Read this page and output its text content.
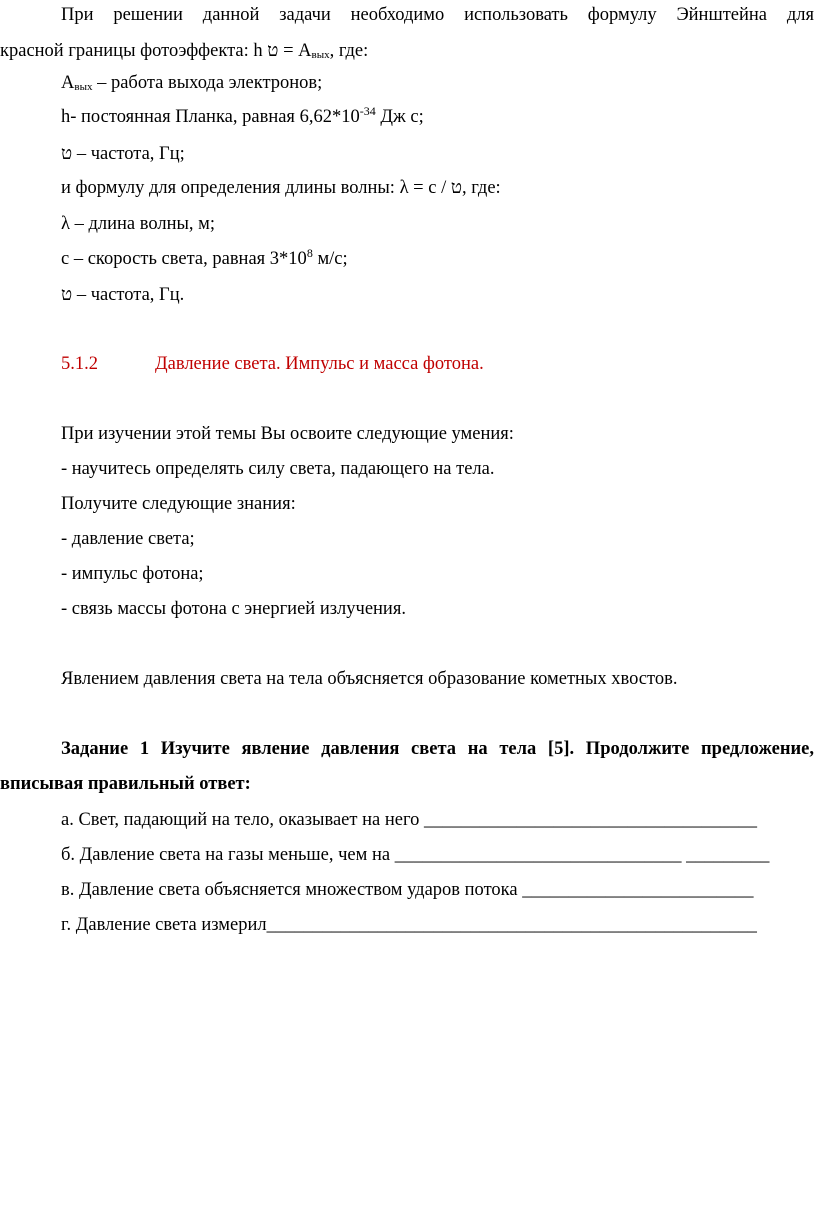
При решении данной задачи необходимо использовать формулу Эйнштейна для
красной границы фотоэффекта: h ט = $A_{вых}$, где:
$A_{вых}$ – работа выхода электронов;
h- постоянная Планка, равная $6,62*10^{-34}$ Дж с;
ט – частота, Гц;
и формулу для определения длины волны: λ = с / ט, где:
λ – длина волны, м;
с – скорость света, равная $3*10^8$ м/с;
ט – частота, Гц.
5.1.2	Давление света. Импульс и масса фотона.
При изучении этой темы Вы освоите следующие умения:
- научитесь определять силу света, падающего на тела.
Получите следующие знания:
- давление света;
- импульс фотона;
- связь массы фотона с энергией излучения.
Явлением давления света на тела объясняется образование кометных хвостов.
Задание 1 Изучите явление давления света на тела [5]. Продолжите предложение,
вписывая правильный ответ:
а. Свет, падающий на тело, оказывает на него ____________________________________
б. Давление света на газы меньше, чем на _______________________________ _________
в. Давление света объясняется множеством ударов потока _________________________
г. Давление света измерил_____________________________________________________
